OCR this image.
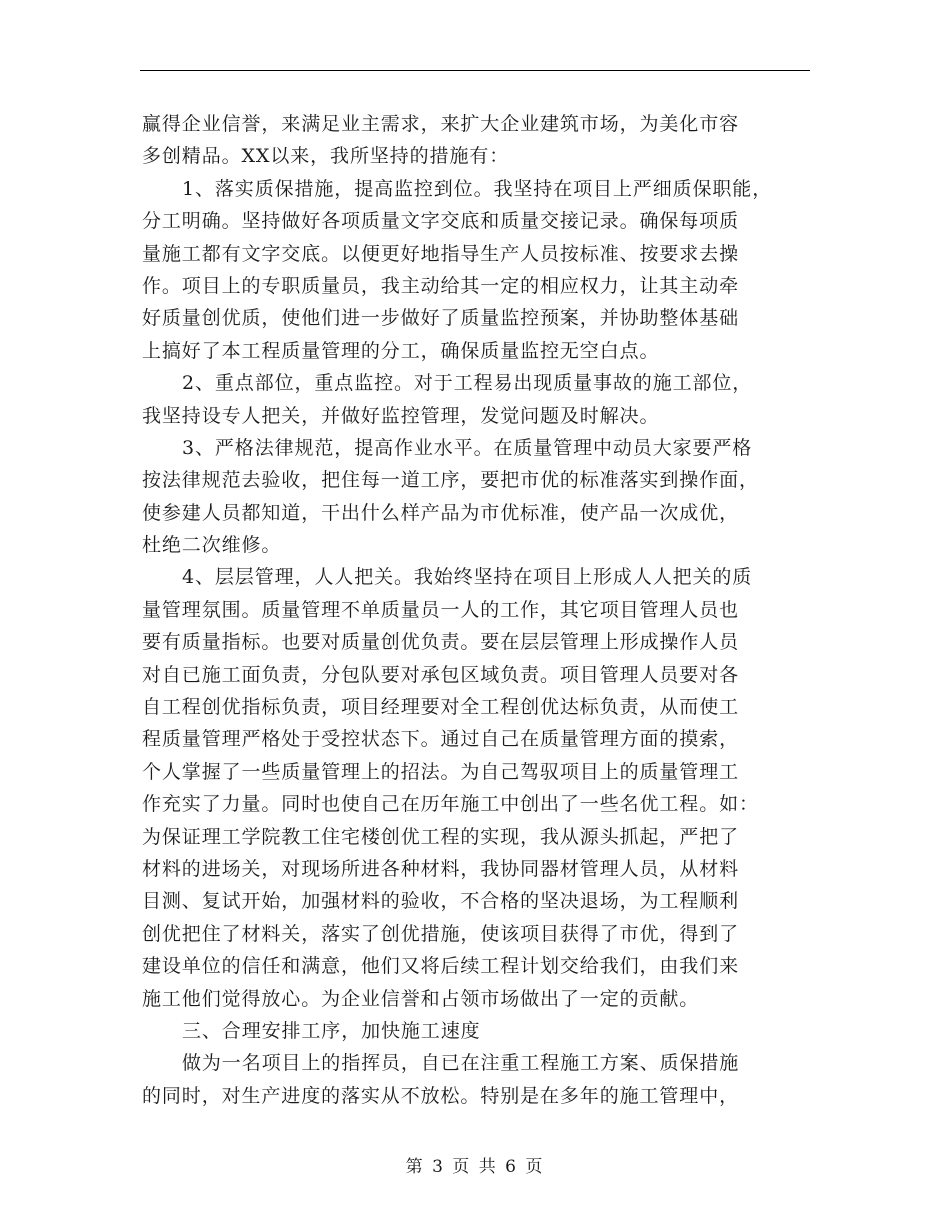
赢得企业信誉，来满足业主需求，来扩大企业建筑市场，为美化市容
多创精品。XX以来，我所坚持的措施有：
1、落实质保措施，提高监控到位。我坚持在项目上严细质保职能，
分工明确。坚持做好各项质量文字交底和质量交接记录。确保每项质
量施工都有文字交底。以便更好地指导生产人员按标准、按要求去操
作。项目上的专职质量员，我主动给其一定的相应权力，让其主动牵
好质量创优质，使他们进一步做好了质量监控预案，并协助整体基础
上搞好了本工程质量管理的分工，确保质量监控无空白点。
2、重点部位，重点监控。对于工程易出现质量事故的施工部位，
我坚持设专人把关，并做好监控管理，发觉问题及时解决。
3、严格法律规范，提高作业水平。在质量管理中动员大家要严格
按法律规范去验收，把住每一道工序，要把市优的标准落实到操作面，
使参建人员都知道，干出什么样产品为市优标准，使产品一次成优，
杜绝二次维修。
4、层层管理，人人把关。我始终坚持在项目上形成人人把关的质
量管理氛围。质量管理不单质量员一人的工作，其它项目管理人员也
要有质量指标。也要对质量创优负责。要在层层管理上形成操作人员
对自已施工面负责，分包队要对承包区域负责。项目管理人员要对各
自工程创优指标负责，项目经理要对全工程创优达标负责，从而使工
程质量管理严格处于受控状态下。通过自己在质量管理方面的摸索，
个人掌握了一些质量管理上的招法。为自己驾驭项目上的质量管理工
作充实了力量。同时也使自己在历年施工中创出了一些名优工程。如：
为保证理工学院教工住宅楼创优工程的实现，我从源头抓起，严把了
材料的进场关，对现场所进各种材料，我协同器材管理人员，从材料
目测、复试开始，加强材料的验收，不合格的坚决退场，为工程顺利
创优把住了材料关，落实了创优措施，使该项目获得了市优，得到了
建设单位的信任和满意，他们又将后续工程计划交给我们，由我们来
施工他们觉得放心。为企业信誉和占领市场做出了一定的贡献。
三、合理安排工序，加快施工速度
做为一名项目上的指挥员，自已在注重工程施工方案、质保措施
的同时，对生产进度的落实从不放松。特别是在多年的施工管理中，
第 3 页 共 6 页
